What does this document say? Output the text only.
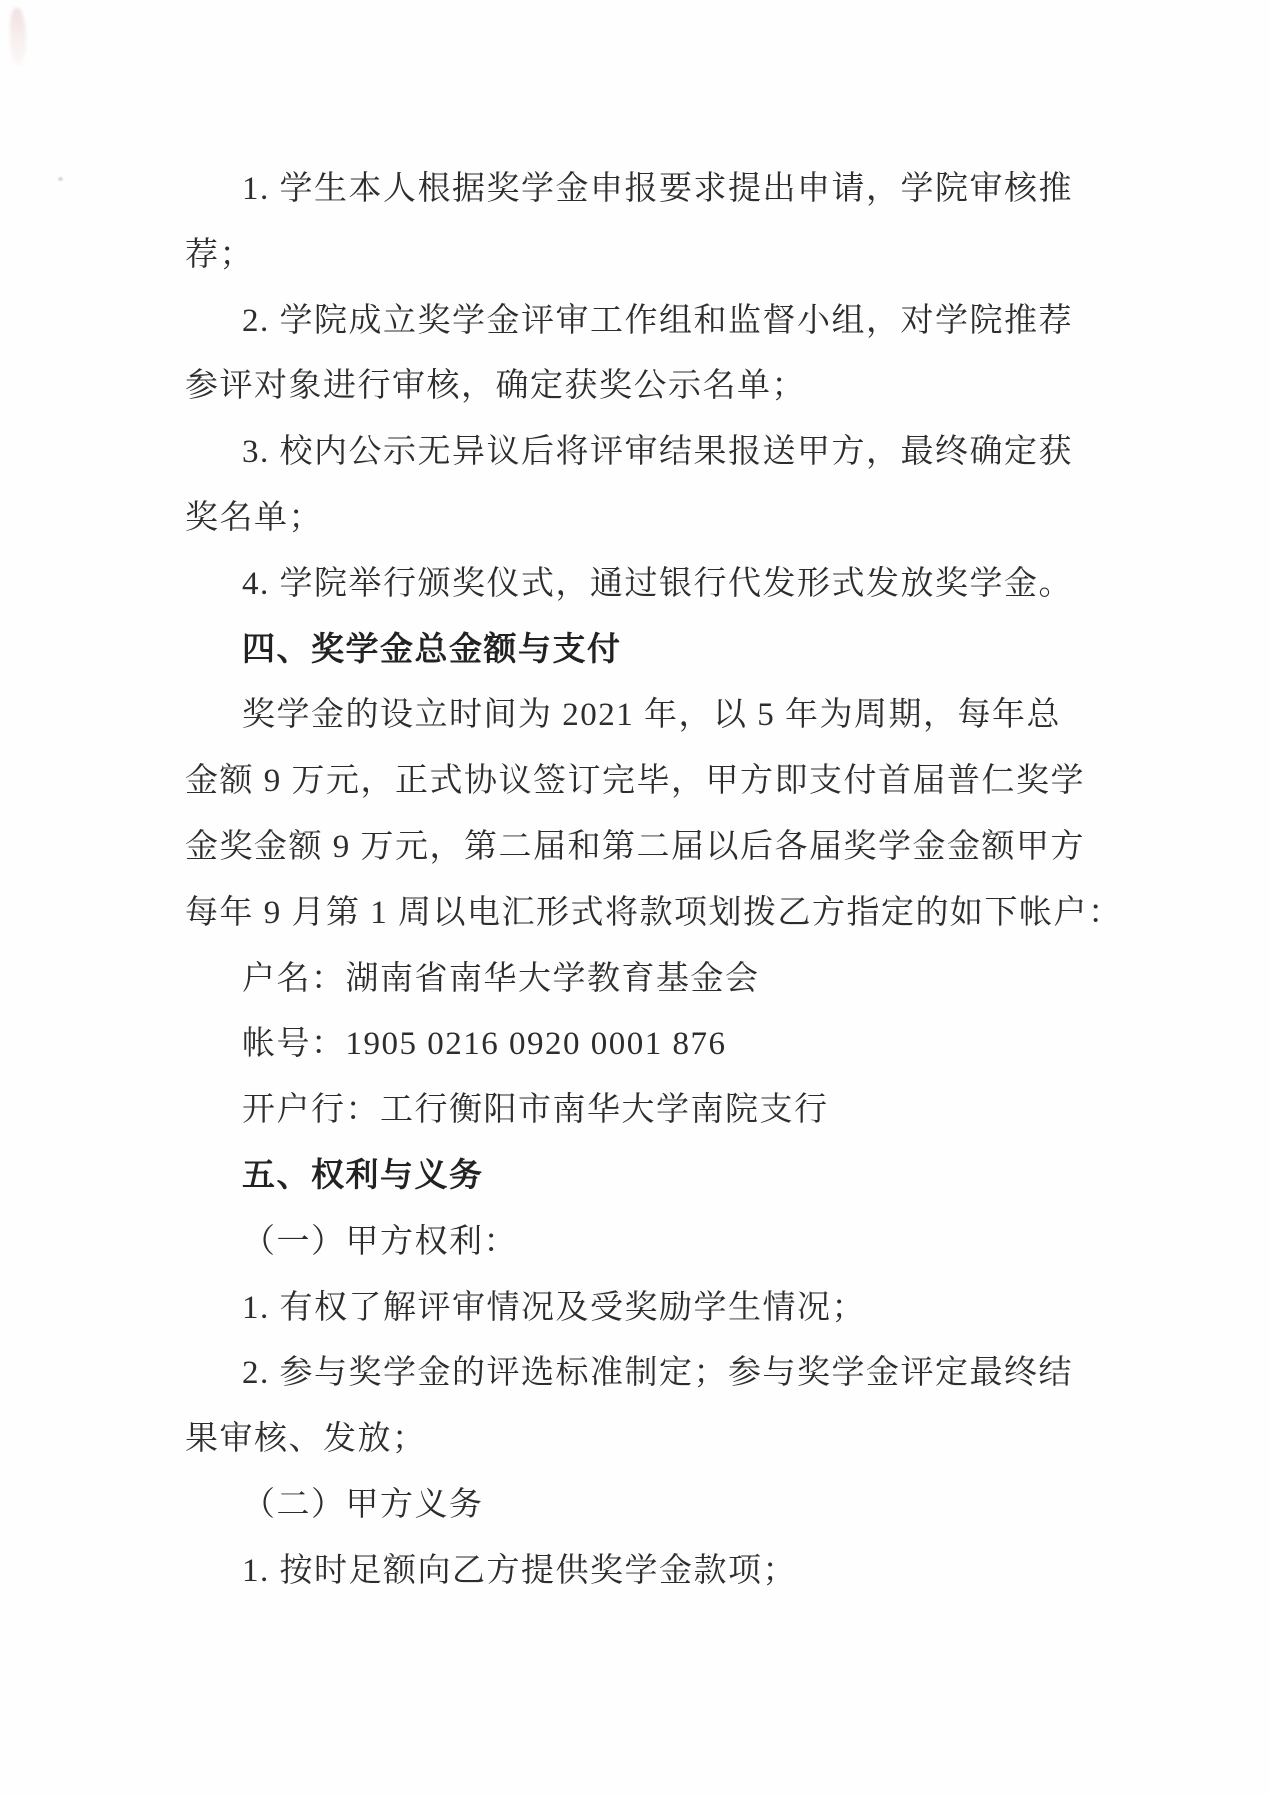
1. 学生本人根据奖学金申报要求提出申请，学院审核推
荐；
2. 学院成立奖学金评审工作组和监督小组，对学院推荐
参评对象进行审核，确定获奖公示名单；
3. 校内公示无异议后将评审结果报送甲方，最终确定获
奖名单；
4. 学院举行颁奖仪式，通过银行代发形式发放奖学金。
四、奖学金总金额与支付
奖学金的设立时间为 2021 年，以 5 年为周期，每年总
金额 9 万元，正式协议签订完毕，甲方即支付首届普仁奖学
金奖金额 9 万元，第二届和第二届以后各届奖学金金额甲方
每年 9 月第 1 周以电汇形式将款项划拨乙方指定的如下帐户：
户名：湖南省南华大学教育基金会
帐号：1905 0216 0920 0001 876
开户行：工行衡阳市南华大学南院支行
五、权利与义务
（一）甲方权利：
1. 有权了解评审情况及受奖励学生情况；
2. 参与奖学金的评选标准制定；参与奖学金评定最终结
果审核、发放；
（二）甲方义务
1. 按时足额向乙方提供奖学金款项；
